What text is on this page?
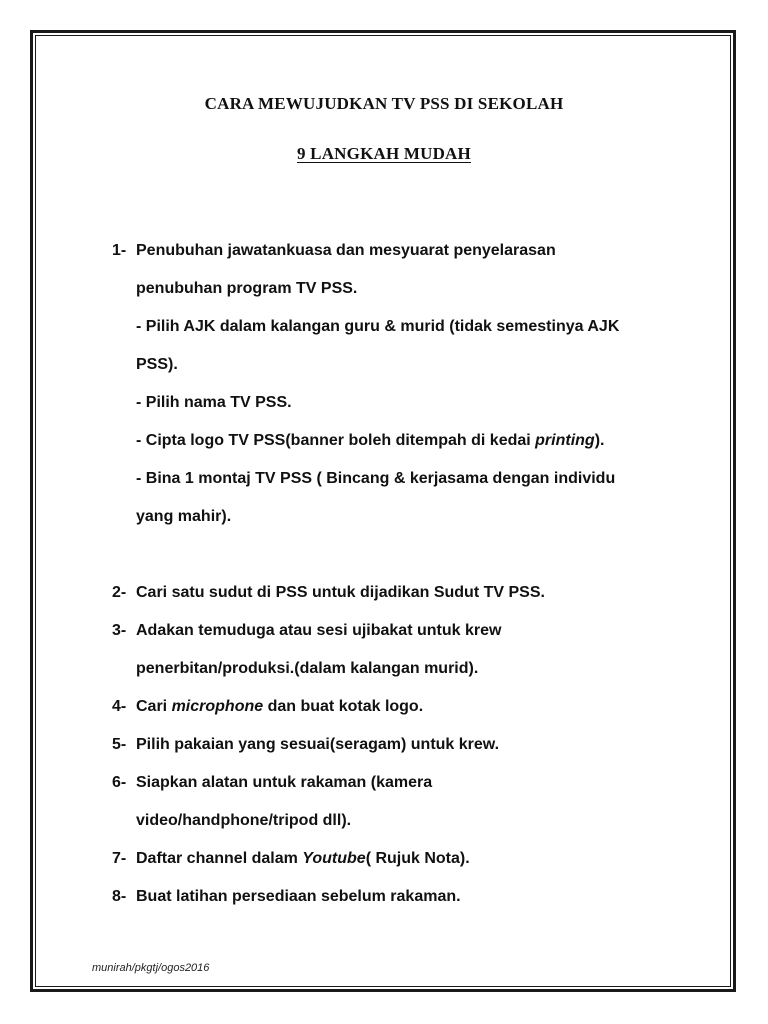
CARA MEWUJUDKAN TV PSS DI SEKOLAH
9 LANGKAH MUDAH
1- Penubuhan jawatankuasa dan mesyuarat penyelarasan
penubuhan program TV PSS.
- Pilih AJK dalam kalangan guru & murid (tidak semestinya AJK
PSS).
- Pilih nama TV PSS.
- Cipta logo TV PSS(banner boleh ditempah di kedai printing).
- Bina 1 montaj TV PSS ( Bincang & kerjasama dengan individu
yang mahir).
2- Cari satu sudut di PSS untuk dijadikan Sudut TV PSS.
3- Adakan temuduga atau sesi ujibakat untuk krew
penerbitan/produksi.(dalam kalangan murid).
4- Cari microphone dan buat kotak logo.
5- Pilih pakaian yang sesuai(seragam) untuk krew.
6- Siapkan alatan untuk rakaman (kamera
video/handphone/tripod dll).
7- Daftar channel dalam Youtube( Rujuk Nota).
8- Buat latihan persediaan sebelum rakaman.
munirah/pkgtj/ogos2016
